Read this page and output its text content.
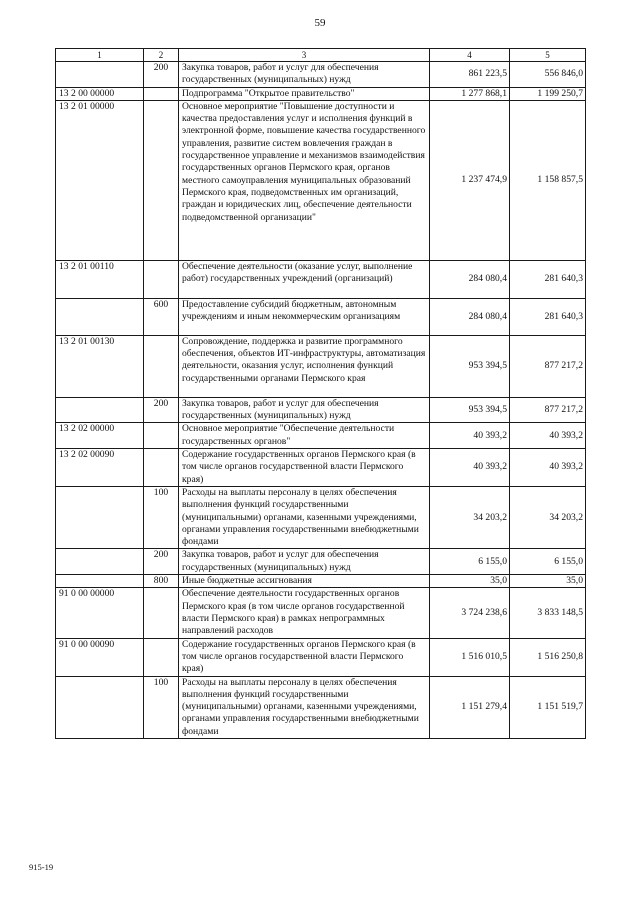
59
1	2	3	4	5
	200	Закупка товаров, работ и услуг для обеспечения государственных (муниципальных) нужд	861 223,5	556 846,0
13 2 00 00000		Подпрограмма "Открытое правительство"	1 277 868,1	1 199 250,7
13 2 01 00000		Основное мероприятие "Повышение доступности и качества предоставления услуг и исполнения функций в электронной форме, повышение качества государственного управления, развитие систем вовлечения граждан в государственное управление и механизмов взаимодействия государственных органов Пермского края, органов местного самоуправления муниципальных образований Пермского края, подведомственных им организаций, граждан и юридических лиц, обеспечение деятельности подведомственной организации"	1 237 474,9	1 158 857,5
13 2 01 00110		Обеспечение деятельности (оказание услуг, выполнение работ) государственных учреждений (организаций)	284 080,4	281 640,3
	600	Предоставление субсидий бюджетным, автономным учреждениям и иным некоммерческим организациям	284 080,4	281 640,3
13 2 01 00130		Сопровождение, поддержка и развитие программного обеспечения, объектов ИТ-инфраструктуры, автоматизация деятельности, оказания услуг, исполнения функций государственными органами Пермского края	953 394,5	877 217,2
	200	Закупка товаров, работ и услуг для обеспечения государственных (муниципальных) нужд	953 394,5	877 217,2
13 2 02 00000		Основное мероприятие "Обеспечение деятельности государственных органов"	40 393,2	40 393,2
13 2 02 00090		Содержание государственных органов Пермского края (в том числе органов государственной власти Пермского края)	40 393,2	40 393,2
	100	Расходы на выплаты персоналу в целях обеспечения выполнения функций государственными (муниципальными) органами, казенными учреждениями, органами управления государственными внебюджетными фондами	34 203,2	34 203,2
	200	Закупка товаров, работ и услуг для обеспечения государственных (муниципальных) нужд	6 155,0	6 155,0
	800	Иные бюджетные ассигнования	35,0	35,0
91 0 00 00000		Обеспечение деятельности государственных органов Пермского края (в том числе органов государственной власти Пермского края) в рамках непрограммных направлений расходов	3 724 238,6	3 833 148,5
91 0 00 00090		Содержание государственных органов Пермского края (в том числе органов государственной власти Пермского края)	1 516 010,5	1 516 250,8
	100	Расходы на выплаты персоналу в целях обеспечения выполнения функций государственными (муниципальными) органами, казенными учреждениями, органами управления государственными внебюджетными фондами	1 151 279,4	1 151 519,7
915-19
